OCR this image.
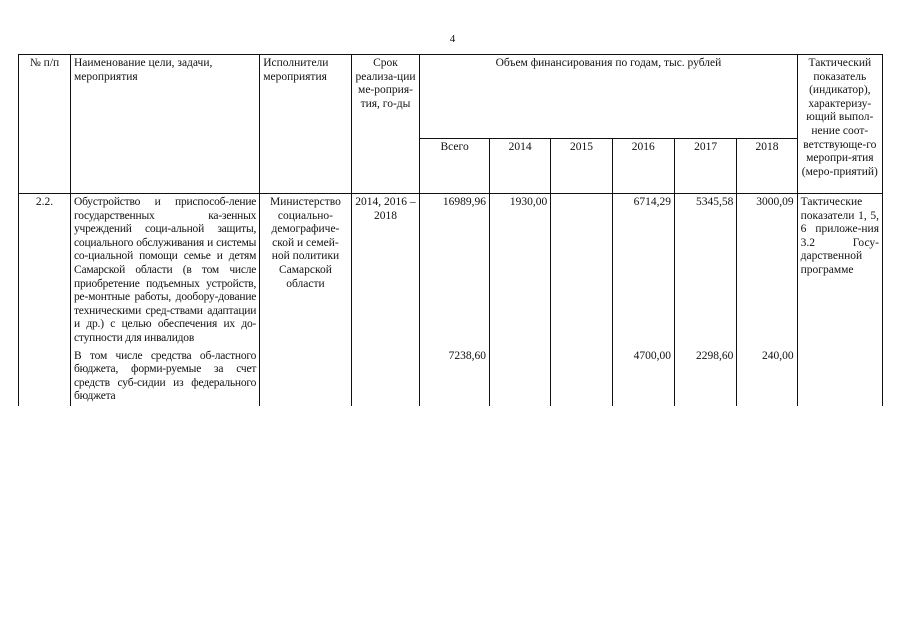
4
№ п/п	Наименование цели, задачи, мероприятия	Исполнители мероприятия	Срок реализа-ции ме-роприя-тия, го-ды	Объем финансирования по годам, тыс. рублей						Тактический показатель (индикатор), характеризу-ющий выпол-нение соот-ветствующе-го меропри-ятия (меро-приятий)
				Всего	2014	2015	2016	2017	2018	
2.2.	Обустройство и приспособ-ление государственных ка-зенных учреждений соци-альной защиты, социального обслуживания и системы со-циальной помощи семье и детям Самарской области (в том числе приобретение подъемных устройств, ре-монтные работы, дообору-дование техническими сред-ствами адаптации и др.) с целью обеспечения их до-ступности для инвалидов	Министерство социально-демографиче-ской и семей-ной политики Самарской области	2014, 2016 – 2018	16989,96	1930,00		6714,29	5345,58	3000,09	Тактические показатели 1, 5, 6 приложе-ния 3.2 Госу-дарственной программе
	В том числе средства об-ластного бюджета, форми-руемые за счет средств суб-сидии из федерального бюджета			7238,60			4700,00	2298,60	240,00	
